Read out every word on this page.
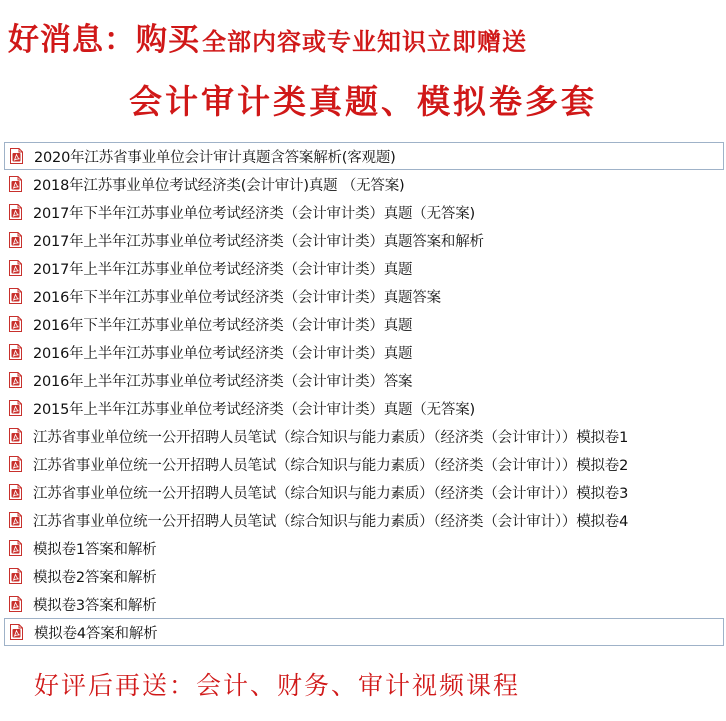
好消息：购买全部内容或专业知识立即赠送
会计审计类真题、模拟卷多套
2020年江苏省事业单位会计审计真题含答案解析(客观题)
2018年江苏事业单位考试经济类(会计审计)真题 （无答案)
2017年下半年江苏事业单位考试经济类（会计审计类）真题（无答案)
2017年上半年江苏事业单位考试经济类（会计审计类）真题答案和解析
2017年上半年江苏事业单位考试经济类（会计审计类）真题
2016年下半年江苏事业单位考试经济类（会计审计类）真题答案
2016年下半年江苏事业单位考试经济类（会计审计类）真题
2016年上半年江苏事业单位考试经济类（会计审计类）真题
2016年上半年江苏事业单位考试经济类（会计审计类）答案
2015年上半年江苏事业单位考试经济类（会计审计类）真题（无答案)
江苏省事业单位统一公开招聘人员笔试（综合知识与能力素质）（经济类（会计审计））模拟卷1
江苏省事业单位统一公开招聘人员笔试（综合知识与能力素质）（经济类（会计审计））模拟卷2
江苏省事业单位统一公开招聘人员笔试（综合知识与能力素质）（经济类（会计审计））模拟卷3
江苏省事业单位统一公开招聘人员笔试（综合知识与能力素质）（经济类（会计审计））模拟卷4
模拟卷1答案和解析
模拟卷2答案和解析
模拟卷3答案和解析
模拟卷4答案和解析
好评后再送：会计、财务、审计视频课程
